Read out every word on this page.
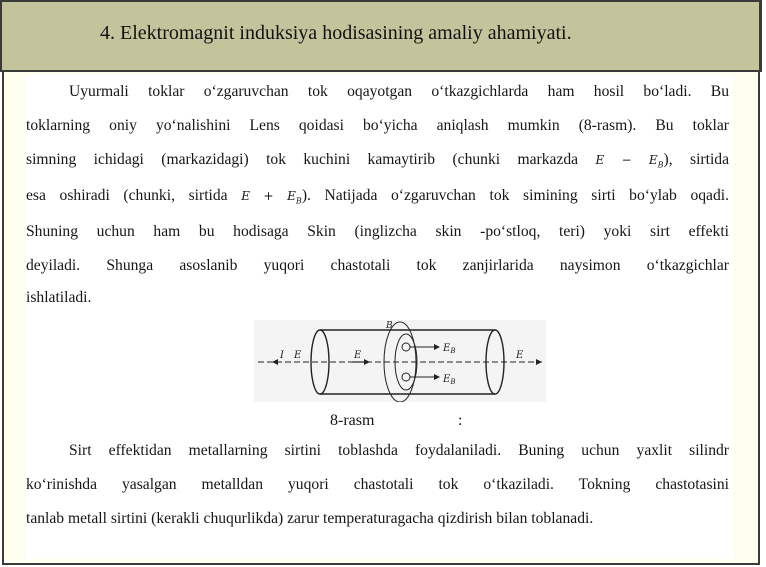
4. Elektromagnit induksiya hodisasining amaliy ahamiyati.
Uyurmali toklar o‘zgaruvchan tok oqayotgan o‘tkazgichlarda ham hosil bo‘ladi. Bu
toklarning oniy yo‘nalishini Lens qoidasi bo‘yicha aniqlash mumkin (8-rasm). Bu toklar
simning ichidagi (markazidagi) tok kuchini kamaytirib (chunki markazda $E - E_B$), sirtida
esa oshiradi (chunki, sirtida $E + E_B$). Natijada o‘zgaruvchan tok simining sirti bo‘ylab oqadi.
Shuning uchun ham bu hodisaga Skin (inglizcha skin -po‘stloq, teri) yoki sirt effekti
deyiladi. Shunga asoslanib yuqori chastotali tok zanjirlarida naysimon o‘tkazgichlar
ishlatiladi.
I E	E	E
B
$E_B$
$E_B$
8-rasm	:
Sirt effektidan metallarning sirtini toblashda foydalaniladi. Buning uchun yaxlit silindr
ko‘rinishda yasalgan metalldan yuqori chastotali tok o‘tkaziladi. Tokning chastotasini
tanlab metall sirtini (kerakli chuqurlikda) zarur temperaturagacha qizdirish bilan toblanadi.
